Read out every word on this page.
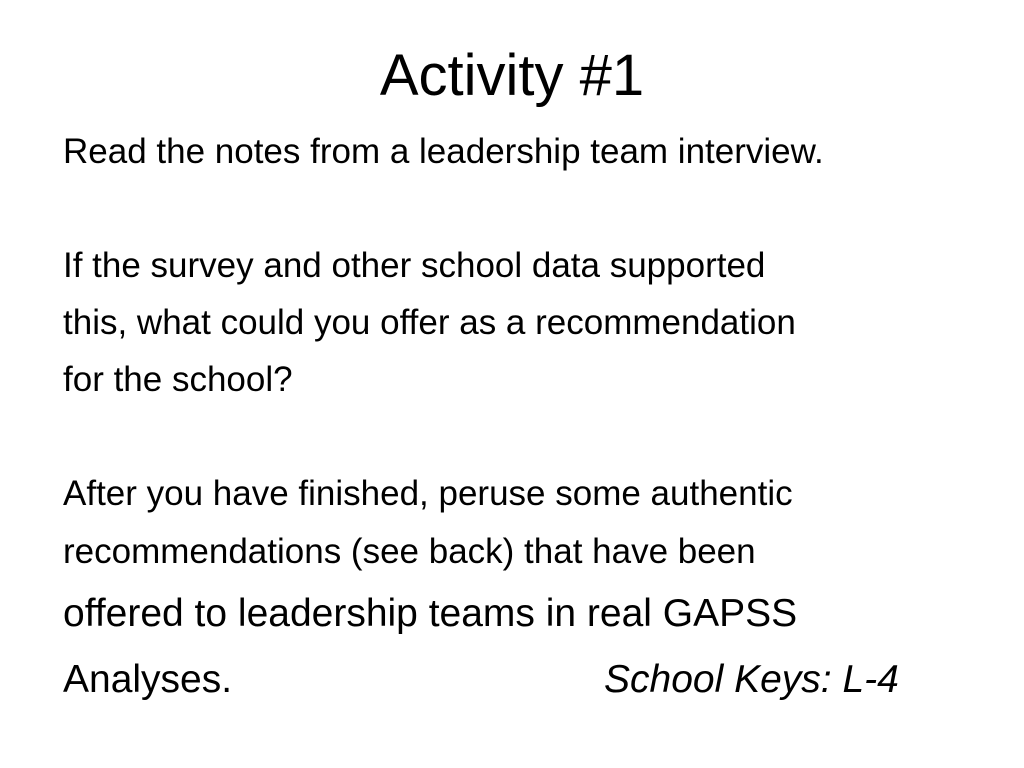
Activity #1
Read the notes from a leadership team interview.
If the survey and other school data supported
this, what could you offer as a recommendation
for the school?
After you have finished, peruse some authentic
recommendations (see back) that have been
offered to leadership teams in real GAPSS
Analyses.	School Keys: L-4
